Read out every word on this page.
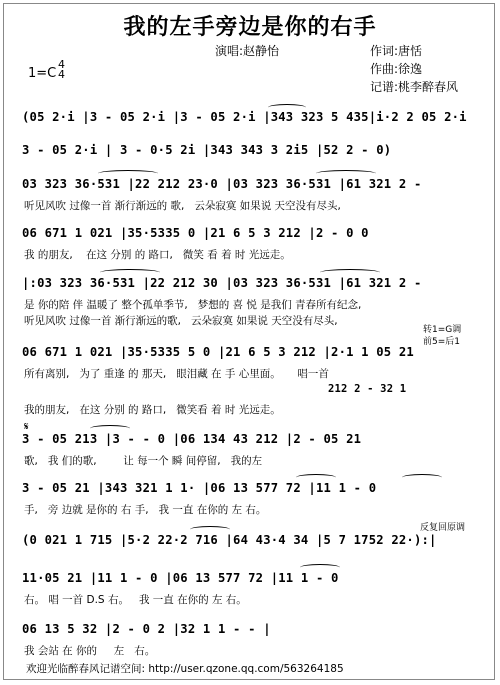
我的左手旁边是你的右手
演唱:赵静怡	作词:唐恬
作曲:徐逸
记谱:桃李醉春风
1=C
4
4
(05 2·i |3 - 05 2·i |3 - 05 2·i |343 323 5 435|i·2 2 05 2·i
3 - 05 2·i | 3 - 0·5 2i |343 343 3 2i5 |52 2 - 0)
03 323 36·531 |22 212 23·0 |03 323 36·531 |61 321 2 -
听见风吹 过像一首 渐行渐远的 歌,   云朵寂寞 如果说 天空没有尽头,
06 671 1 021 |35·5335 0 |21 6 5 3 212 |2 - 0 0
我 的朋友,    在这 分别 的 路口,   微笑 看 着 时 光远走。
|:03 323 36·531 |22 212 30 |03 323 36·531 |61 321 2 -
是 你的陪 伴 温暖了 整个孤单季节,   梦想的 喜 悦 是我们 青春所有纪念,
听见风吹 过像一首 渐行渐远的歌,   云朵寂寞 如果说 天空没有尽头,
转1=G调
前5=后1
06 671 1 021 |35·5335 5 0 |21 6 5 3 212 |2·1 1 05 21
所有离别,   为了 重逢 的 那天,   眼泪藏 在 手 心里面。     唱一首
212 2 - 32 1
我的朋友,   在这 分别 的 路口,   微笑看 着 时 光远走。
𝄋
3 - 05 213 |3 - - 0 |06 134 43 212 |2 - 05 21
歌,   我 们的歌,        让 每一个 瞬 间停留,   我的左
3 - 05 21 |343 321 1 1· |06 13 577 72 |11 1 - 0
手,   旁 边就 是你的 右 手,   我 一直 在你的 左 右。
反复回原调
(0 021 1 715 |5·2 22·2 716 |64 43·4 34 |5 7 1752 22·):|
11·05 21 |11 1 - 0 |06 13 577 72 |11 1 - 0
右。 唱 一首 D.S 右。   我 一直 在你的 左 右。
06 13 5 32 |2 - 0 2 |32 1 1 - - |
我 会站 在 你的     左   右。
欢迎光临醉春风记谱空间: http://user.qzone.qq.com/563264185
